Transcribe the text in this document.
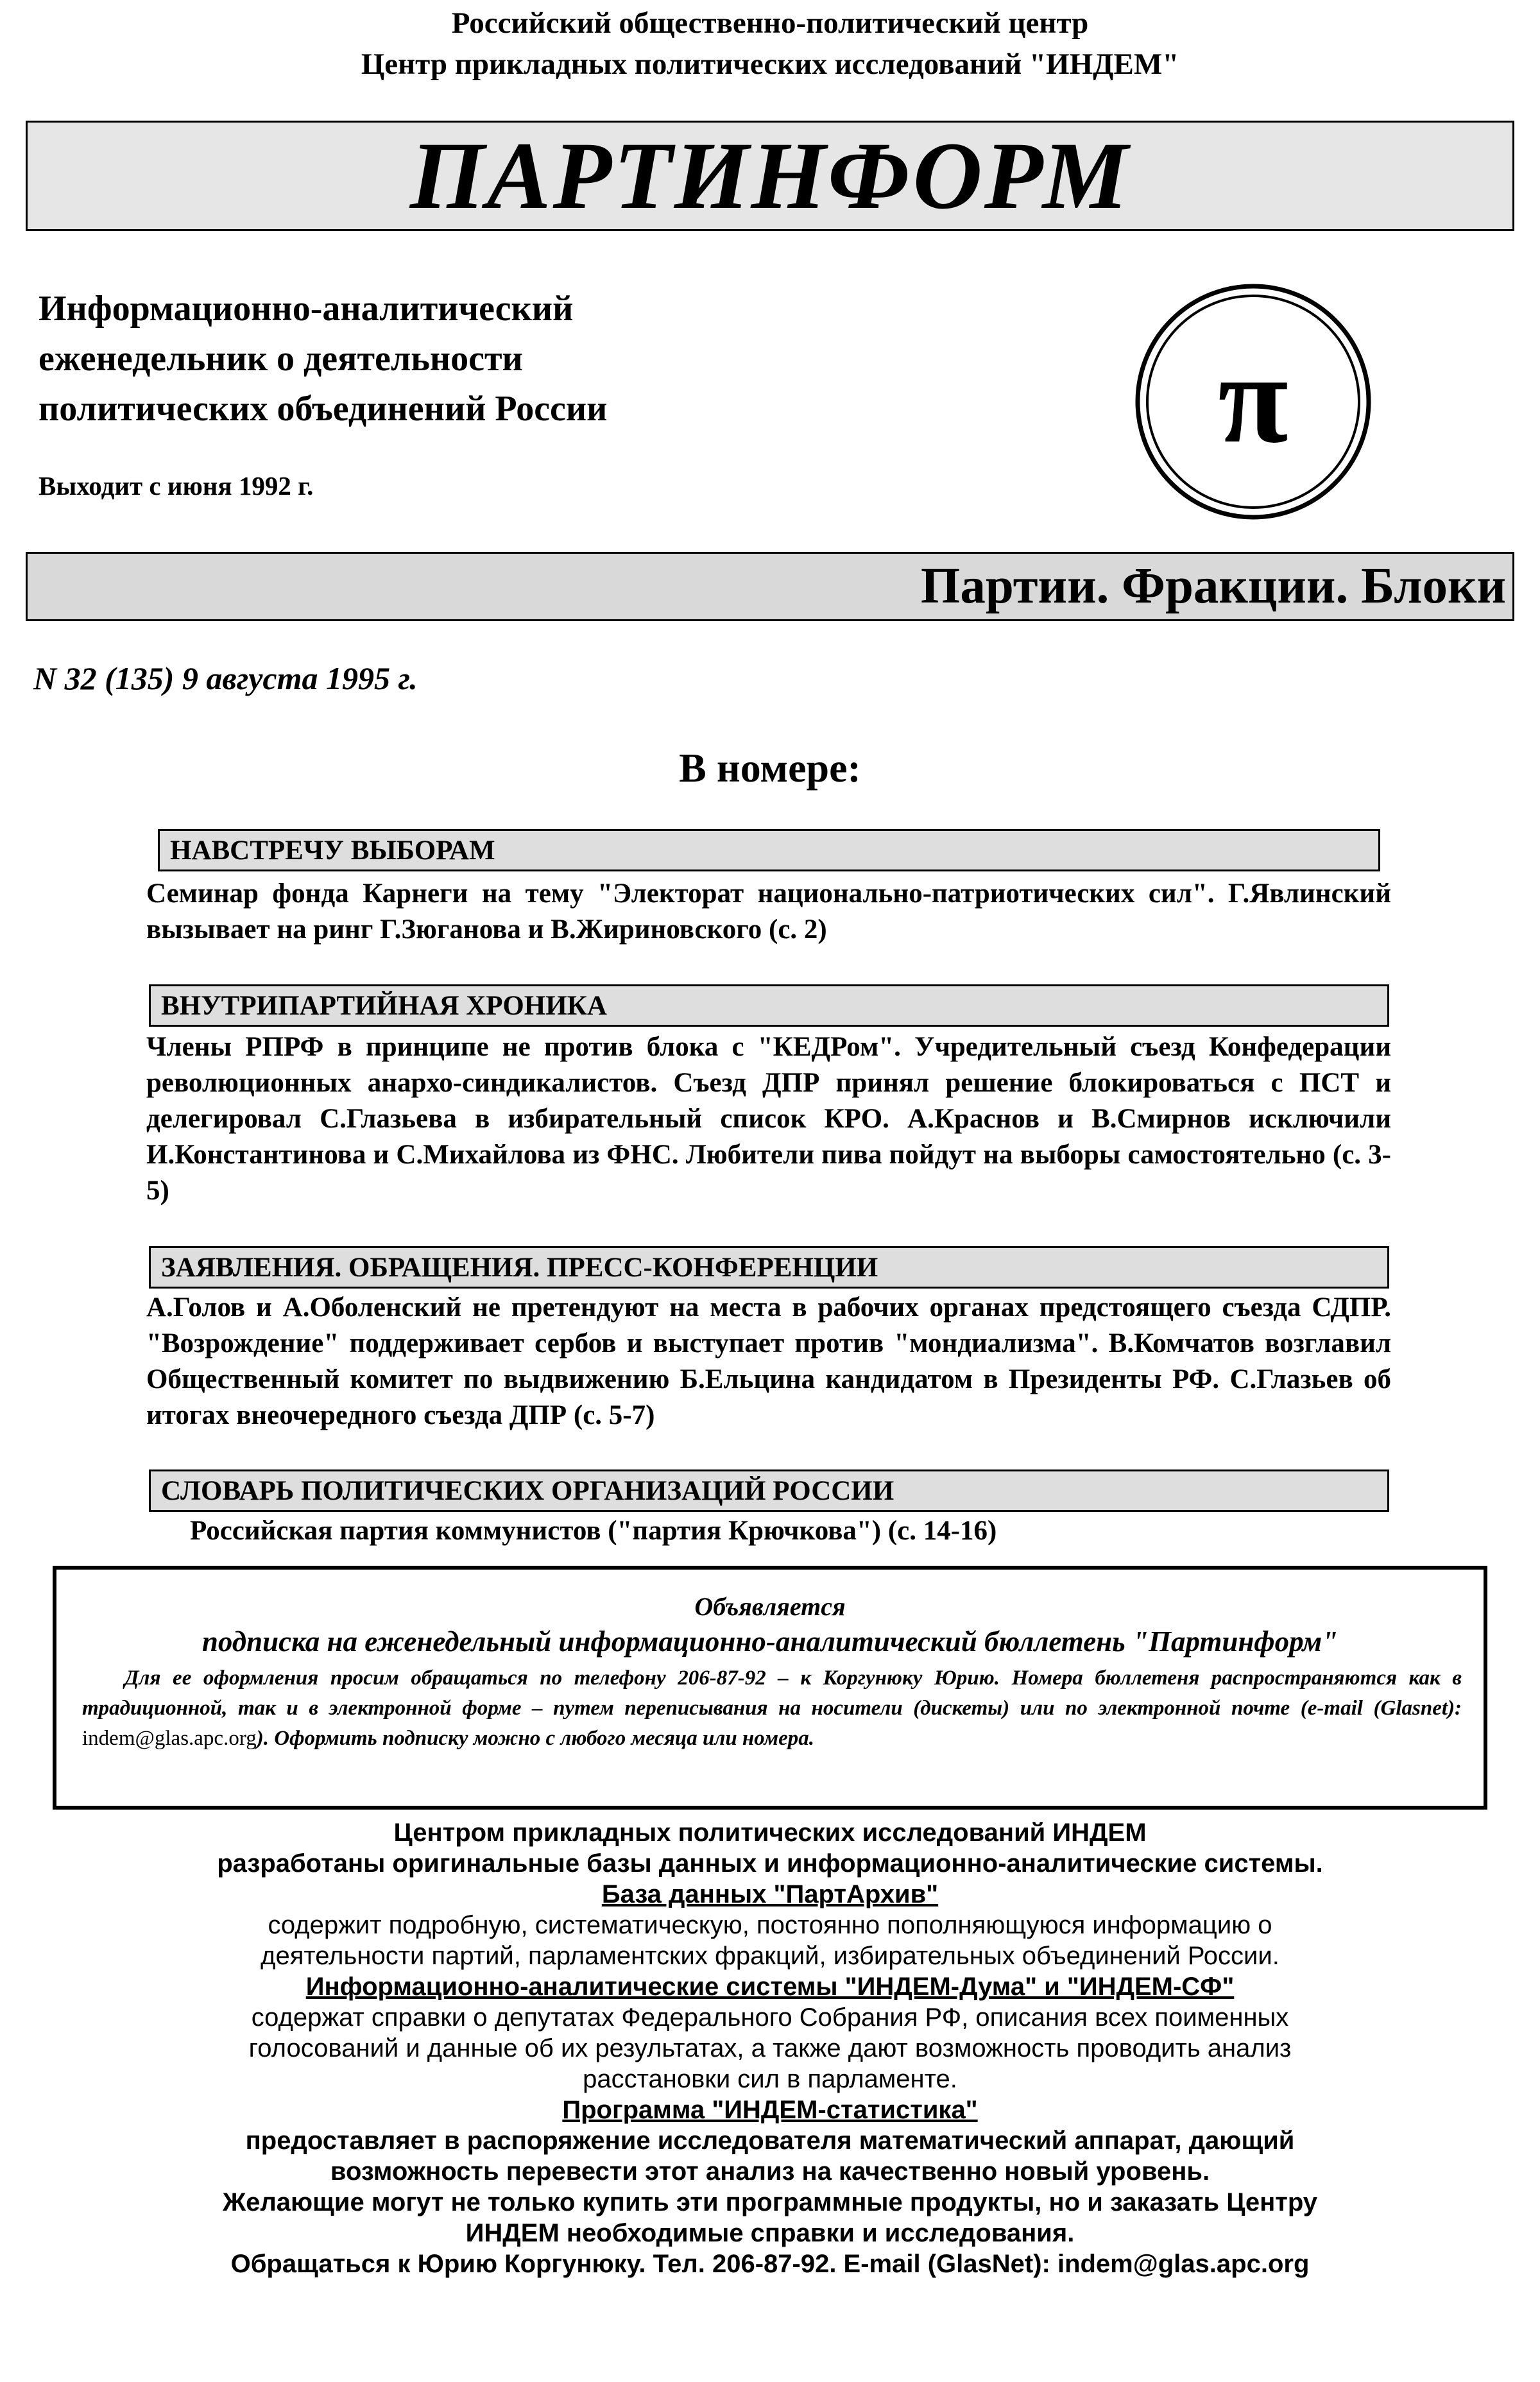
Российский общественно-политический центр
Центр прикладных политических исследований "ИНДЕМ"
ПАРТИНФОРМ
Информационно-аналитический
еженедельник о деятельности
политических объединений России
Выходит с июня 1992 г.
π
Партии. Фракции. Блоки
N 32 (135) 9 августа 1995 г.
В номере:
НАВСТРЕЧУ ВЫБОРАМ
Семинар фонда Карнеги на тему "Электорат национально-патриотических сил". Г.Явлинский вызывает на ринг Г.Зюганова и В.Жириновского (с. 2)
ВНУТРИПАРТИЙНАЯ ХРОНИКА
Члены РПРФ в принципе не против блока с "КЕДРом". Учредительный съезд Конфедерации революционных анархо-синдикалистов. Съезд ДПР принял решение блокироваться с ПСТ и делегировал С.Глазьева в избирательный список КРО. А.Краснов и В.Смирнов исключили И.Константинова и С.Михайлова из ФНС. Любители пива пойдут на выборы самостоятельно (с. 3-5)
ЗАЯВЛЕНИЯ. ОБРАЩЕНИЯ. ПРЕСС-КОНФЕРЕНЦИИ
А.Голов и А.Оболенский не претендуют на места в рабочих органах предстоящего съезда СДПР. "Возрождение" поддерживает сербов и выступает против "мондиализма". В.Комчатов возглавил Общественный комитет по выдвижению Б.Ельцина кандидатом в Президенты РФ. С.Глазьев об итогах внеочередного съезда ДПР (с. 5-7)
СЛОВАРЬ ПОЛИТИЧЕСКИХ ОРГАНИЗАЦИЙ РОССИИ
Российская партия коммунистов ("партия Крючкова") (с. 14-16)
Объявляется
подписка на еженедельный информационно-аналитический бюллетень "Партинформ"
Для ее оформления просим обращаться по телефону 206-87-92 – к Коргунюку Юрию. Номера бюллетеня распространяются как в традиционной, так и в электронной форме – путем переписывания на носители (дискеты) или по электронной почте (e-mail (Glasnet): indem@glas.apc.org). Оформить подписку можно с любого месяца или номера.
Центром прикладных политических исследований ИНДЕМ
разработаны оригинальные базы данных и информационно-аналитические системы.
База данных "ПартАрхив"
содержит подробную, систематическую, постоянно пополняющуюся информацию о
деятельности партий, парламентских фракций, избирательных объединений России.
Информационно-аналитические системы "ИНДЕМ-Дума" и "ИНДЕМ-СФ"
содержат справки о депутатах Федерального Собрания РФ, описания всех поименных
голосований и данные об их результатах, а также дают возможность проводить анализ
расстановки сил в парламенте.
Программа "ИНДЕМ-статистика"
предоставляет в распоряжение исследователя математический аппарат, дающий
возможность перевести этот анализ на качественно новый уровень.
Желающие могут не только купить эти программные продукты, но и заказать Центру
ИНДЕМ необходимые справки и исследования.
Обращаться к Юрию Коргунюку. Тел. 206-87-92. E-mail (GlasNet): indem@glas.apc.org
